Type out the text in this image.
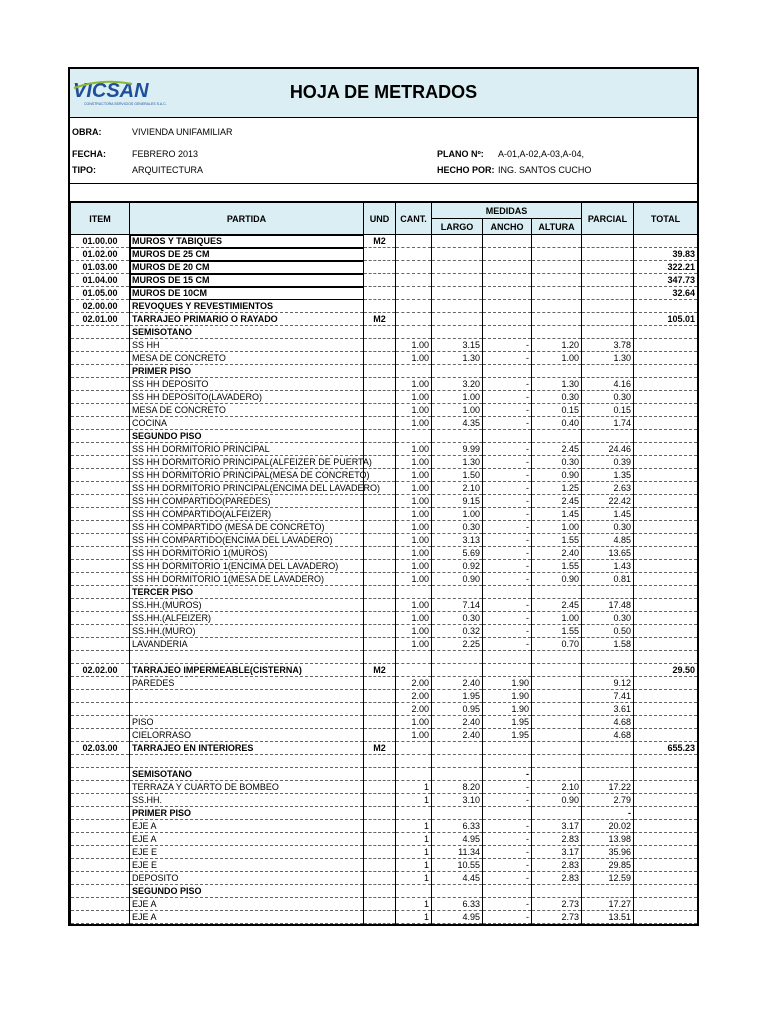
VICSAN
CONSTRUCTORA SERVICIOS GENERALES S.A.C.
HOJA DE METRADOS
OBRA:	VIVIENDA UNIFAMILIAR
FECHA:	FEBRERO 2013
TIPO:	ARQUITECTURA
PLANO Nº: A-01,A-02,A-03,A-04,
HECHO POR: ING. SANTOS CUCHO
ITEM	PARTIDA	UND	CANT.	MEDIDAS			PARCIAL	TOTAL
				LARGO	ANCHO	ALTURA		
01.00.00	MUROS Y TABIQUES	M2						
01.02.00	MUROS DE 25 CM							39.83
01.03.00	MUROS DE 20 CM							322.21
01.04.00	MUROS DE 15 CM							347.73
01.05.00	MUROS DE 10CM							32.64
02.00.00	REVOQUES Y REVESTIMIENTOS							
02.01.00	TARRAJEO PRIMARIO O RAYADO	M2						105.01
	SEMISOTANO							
	SS HH		1.00	3.15	-	1.20	3.78	
	MESA DE CONCRETO		1.00	1.30	-	1.00	1.30	
	PRIMER PISO							
	SS HH DEPOSITO		1.00	3.20	-	1.30	4.16	
	SS HH DEPOSITO(LAVADERO)		1.00	1.00	-	0.30	0.30	
	MESA DE CONCRETO		1.00	1.00	-	0.15	0.15	
	COCINA		1.00	4.35	-	0.40	1.74	
	SEGUNDO PISO							
	SS HH DORMITORIO PRINCIPAL		1.00	9.99	-	2.45	24.46	
	SS HH DORMITORIO PRINCIPAL(ALFEIZER DE PUERTA)		1.00	1.30	-	0.30	0.39	
	SS HH DORMITORIO PRINCIPAL(MESA DE CONCRETO)		1.00	1.50	-	0.90	1.35	
	SS HH DORMITORIO PRINCIPAL(ENCIMA DEL LAVADERO)		1.00	2.10	-	1.25	2.63	
	SS HH COMPARTIDO(PAREDES)		1.00	9.15	-	2.45	22.42	
	SS HH COMPARTIDO(ALFEIZER)		1.00	1.00	-	1.45	1.45	
	SS HH COMPARTIDO (MESA DE CONCRETO)		1.00	0.30	-	1.00	0.30	
	SS HH COMPARTIDO(ENCIMA DEL LAVADERO)		1.00	3.13	-	1.55	4.85	
	SS HH DORMITORIO 1(MUROS)		1.00	5.69	-	2.40	13.65	
	SS HH DORMITORIO 1(ENCIMA DEL LAVADERO)		1.00	0.92	-	1.55	1.43	
	SS HH DORMITORIO 1(MESA DE LAVADERO)		1.00	0.90	-	0.90	0.81	
	TERCER PISO							
	SS.HH.(MUROS)		1.00	7.14	-	2.45	17.48	
	SS.HH.(ALFEIZER)		1.00	0.30	-	1.00	0.30	
	SS.HH.(MURO)		1.00	0.32	-	1.55	0.50	
	LAVANDERIA		1.00	2.25	-	0.70	1.58	

02.02.00	TARRAJEO IMPERMEABLE(CISTERNA)	M2						29.50
	PAREDES		2.00	2.40	1.90		9.12	
			2.00	1.95	1.90		7.41	
			2.00	0.95	1.90		3.61	
	PISO		1.00	2.40	1.95		4.68	
	CIELORRASO		1.00	2.40	1.95		4.68	
02.03.00	TARRAJEO EN INTERIORES	M2						655.23

	SEMISOTANO				-			
	TERRAZA Y CUARTO DE BOMBEO		1	8.20	-	2.10	17.22	
	SS.HH.		1	3.10	-	0.90	2.79	
	PRIMER PISO						-	
	EJE A		1	6.33	-	3.17	20.02	
	EJE A		1	4.95	-	2.83	13.98	
	EJE E		1	11.34	-	3.17	35.96	
	EJE E		1	10.55	-	2.83	29.85	
	DEPOSITO		1	4.45	-	2.83	12.59	
	SEGUNDO PISO							
	EJE A		1	6.33	-	2.73	17.27	
	EJE A		1	4.95	-	2.73	13.51	
